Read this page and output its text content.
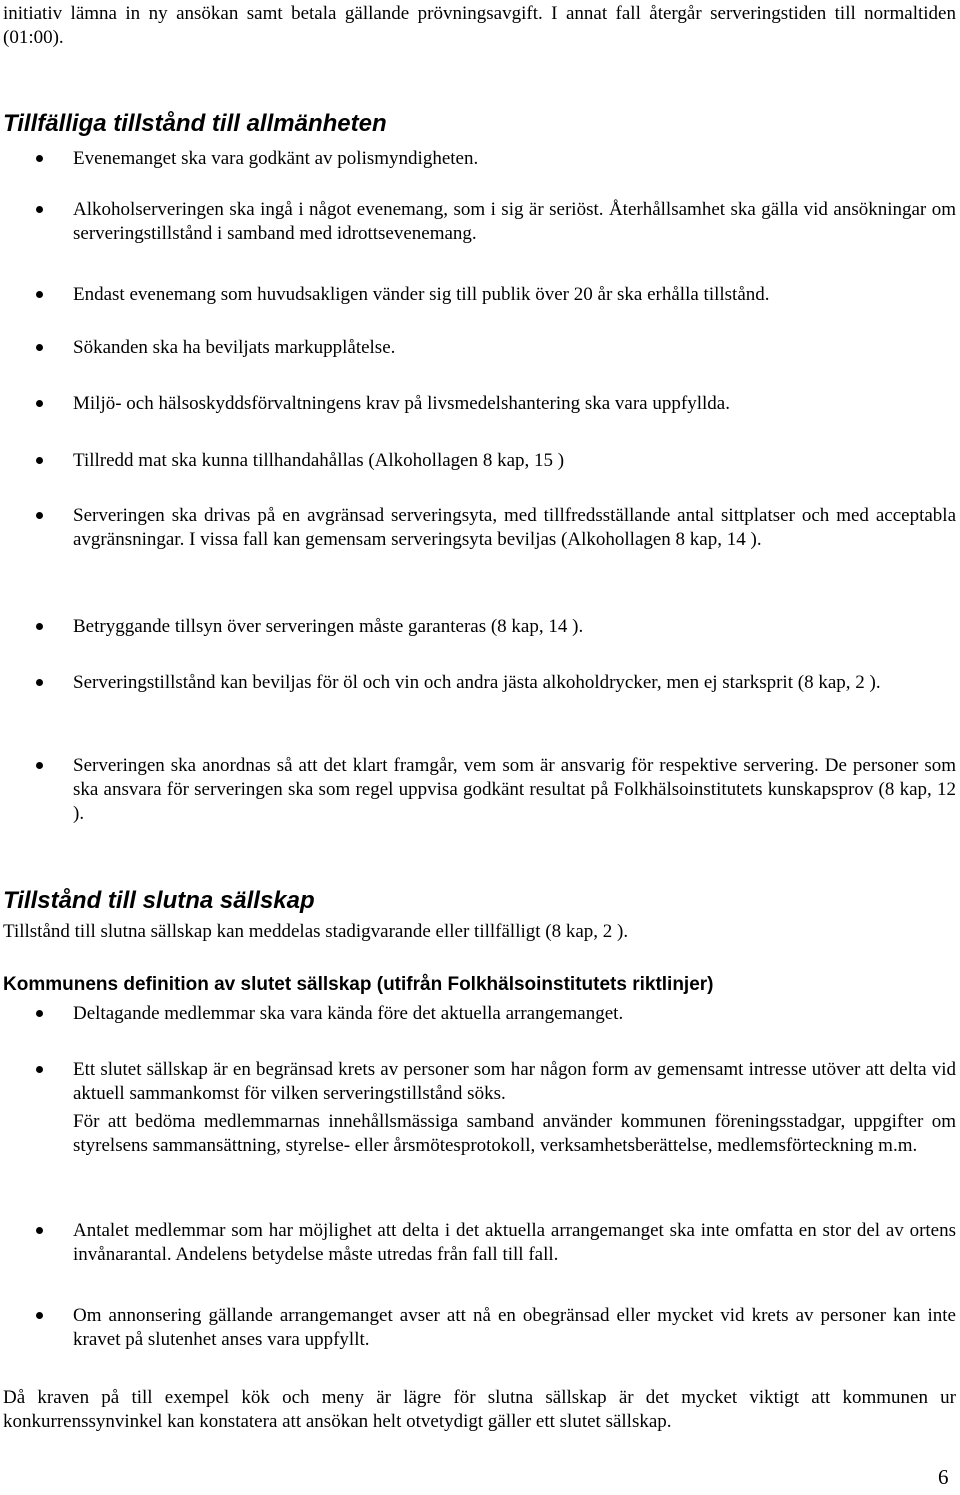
initiativ lämna in ny ansökan samt betala gällande prövningsavgift. I annat fall återgår serveringstiden till normaltiden (01:00).
Tillfälliga tillstånd till allmänheten
Evenemanget ska vara godkänt av polismyndigheten.
Alkoholserveringen ska ingå i något evenemang, som i sig är seriöst. Återhållsamhet ska gälla vid ansökningar om serveringstillstånd i samband med idrottsevenemang.
Endast evenemang som huvudsakligen vänder sig till publik över 20 år ska erhålla tillstånd.
Sökanden ska ha beviljats markupplåtelse.
Miljö- och hälsoskyddsförvaltningens krav på livsmedelshantering ska vara uppfyllda.
Tillredd mat ska kunna tillhandahållas (Alkohollagen 8 kap, 15 )
Serveringen ska drivas på en avgränsad serveringsyta, med tillfredsställande antal sittplatser och med acceptabla avgränsningar. I vissa fall kan gemensam serveringsyta beviljas (Alkohollagen 8 kap, 14 ).
Betryggande tillsyn över serveringen måste garanteras (8 kap, 14 ).
Serveringstillstånd kan beviljas för öl och vin och andra jästa alkoholdrycker, men ej starksprit (8 kap, 2 ).
Serveringen ska anordnas så att det klart framgår, vem som är ansvarig för respektive servering. De personer som ska ansvara för serveringen ska som regel uppvisa godkänt resultat på Folkhälsoinstitutets kunskapsprov (8 kap, 12 ).
Tillstånd till slutna sällskap
Tillstånd till slutna sällskap kan meddelas stadigvarande eller tillfälligt (8 kap, 2 ).
Kommunens definition av slutet sällskap (utifrån Folkhälsoinstitutets riktlinjer)
Deltagande medlemmar ska vara kända före det aktuella arrangemanget.
Ett slutet sällskap är en begränsad krets av personer som har någon form av gemensamt intresse utöver att delta vid aktuell sammankomst för vilken serveringstillstånd söks.
Antalet medlemmar som har möjlighet att delta i det aktuella arrangemanget ska inte omfatta en stor del av ortens invånarantal. Andelens betydelse måste utredas från fall till fall.
Om annonsering gällande arrangemanget avser att nå en obegränsad eller mycket vid krets av personer kan inte kravet på slutenhet anses vara uppfyllt.
För att bedöma medlemmarnas innehållsmässiga samband använder kommunen föreningsstadgar, uppgifter om styrelsens sammansättning, styrelse- eller årsmötesprotokoll, verksamhetsberättelse, medlemsförteckning m.m.
Då kraven på till exempel kök och meny är lägre för slutna sällskap är det mycket viktigt att kommunen ur konkurrenssynvinkel kan konstatera att ansökan helt otvetydigt gäller ett slutet sällskap.
6
